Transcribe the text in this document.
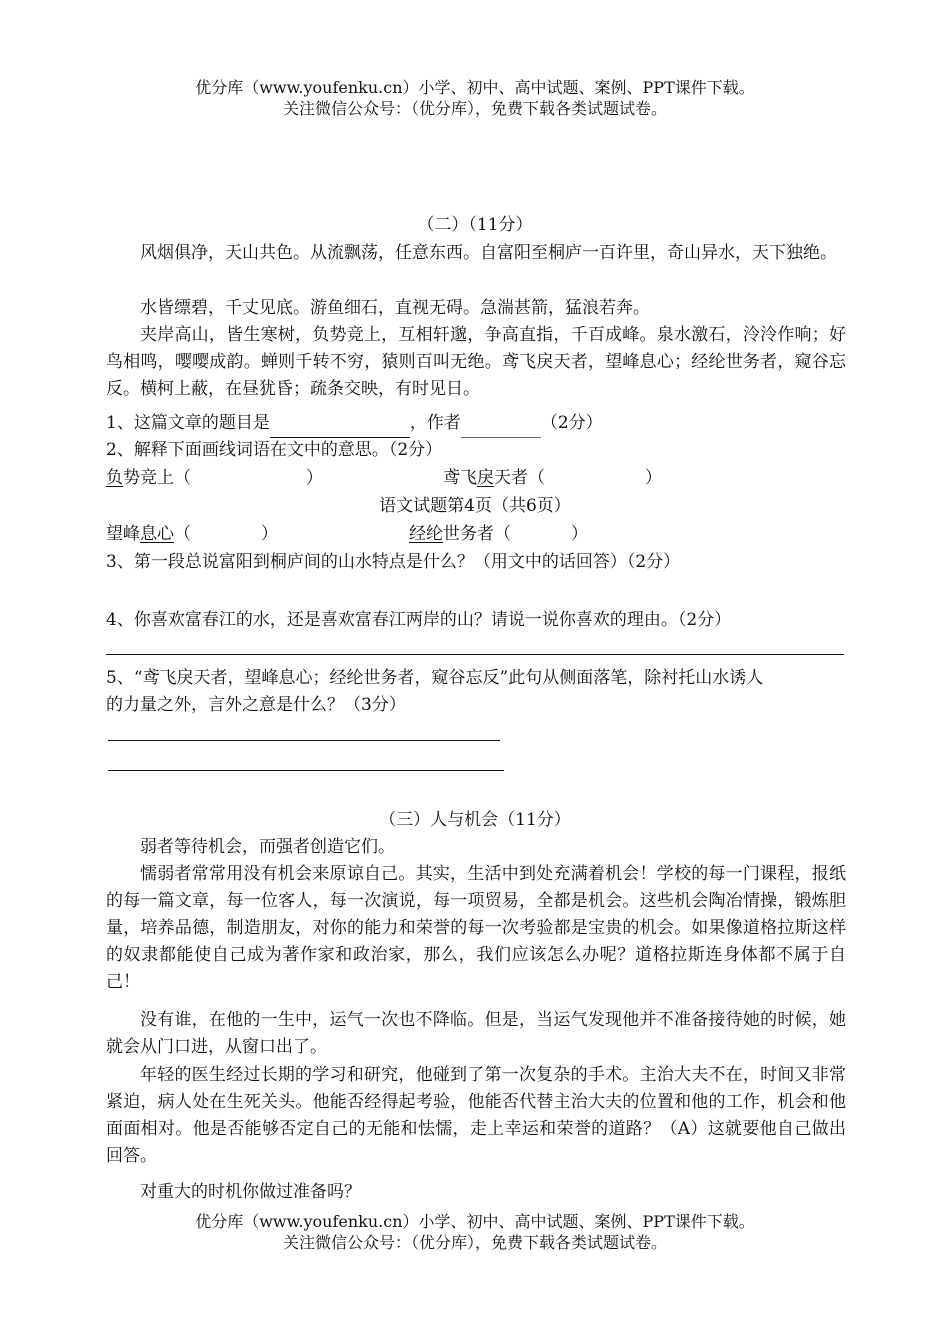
优分库（www.youfenku.cn）小学、初中、高中试题、案例、PPT课件下载。
关注微信公众号：（优分库），免费下载各类试题试卷。
（二）（11分）
风烟俱净，天山共色。从流飘荡，任意东西。自富阳至桐庐一百许里，奇山异水，天下独绝。
水皆缥碧，千丈见底。游鱼细石，直视无碍。急湍甚箭，猛浪若奔。
夹岸高山，皆生寒树，负势竞上，互相轩邈，争高直指，千百成峰。泉水激石，泠泠作响；好鸟相鸣，嘤嘤成韵。蝉则千转不穷，猿则百叫无绝。鸢飞戾天者，望峰息心；经纶世务者，窥谷忘反。横柯上蔽，在昼犹昏；疏条交映，有时见日。
1、这篇文章的题目是	，作者	（2分）
2、解释下面画线词语在文中的意思。（2分）
负势竞上（	）	鸢飞戾天者（	）
语文试题第4页（共6页）
望峰息心（	）	经纶世务者（	）
3、第一段总说富阳到桐庐间的山水特点是什么？（用文中的话回答）（2分）
4、你喜欢富春江的水，还是喜欢富春江两岸的山？请说一说你喜欢的理由。（2分）
5、“鸢飞戾天者，望峰息心；经纶世务者，窥谷忘反”此句从侧面落笔，除衬托山水诱人
的力量之外，言外之意是什么？（3分）
（三）人与机会（11分）
弱者等待机会，而强者创造它们。
懦弱者常常用没有机会来原谅自己。其实，生活中到处充满着机会！学校的每一门课程，报纸的每一篇文章，每一位客人，每一次演说，每一项贸易，全都是机会。这些机会陶冶情操，锻炼胆量，培养品德，制造朋友，对你的能力和荣誉的每一次考验都是宝贵的机会。如果像道格拉斯这样的奴隶都能使自己成为著作家和政治家，那么，我们应该怎么办呢？道格拉斯连身体都不属于自己！
没有谁，在他的一生中，运气一次也不降临。但是，当运气发现他并不准备接待她的时候，她就会从门口进，从窗口出了。
年轻的医生经过长期的学习和研究，他碰到了第一次复杂的手术。主治大夫不在，时间又非常紧迫，病人处在生死关头。他能否经得起考验，他能否代替主治大夫的位置和他的工作，机会和他面面相对。他是否能够否定自己的无能和怯懦，走上幸运和荣誉的道路？（A）这就要他自己做出回答。
对重大的时机你做过准备吗？
优分库（www.youfenku.cn）小学、初中、高中试题、案例、PPT课件下载。
关注微信公众号：（优分库），免费下载各类试题试卷。
